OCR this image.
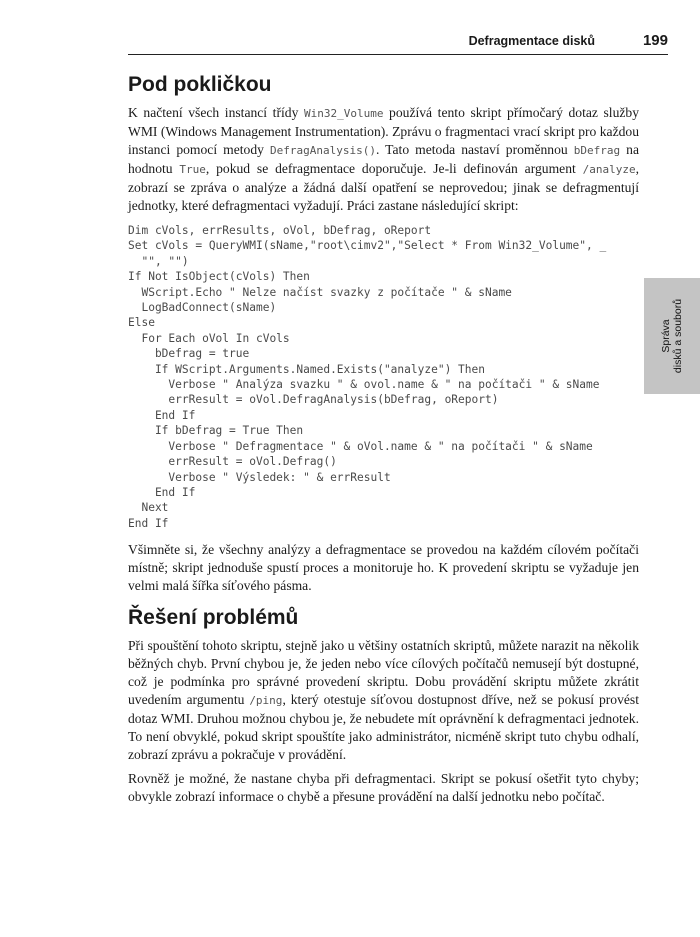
Defragmentace disků	199
Správa disků a souborů
Pod pokličkou

K načtení všech instancí třídy Win32_Volume používá tento skript přímočarý dotaz služby WMI (Windows Management Instrumentation). Zprávu o fragmentaci vrací skript pro každou instanci pomocí metody DefragAnalysis(). Tato metoda nastaví proměnnou bDefrag na hodnotu True, pokud se defragmentace doporučuje. Je-li definován argument /analyze, zobrazí se zpráva o analýze a žádná další opatření se neprovedou; jinak se defragmentují jednotky, které defragmentaci vyžadují. Práci zastane následující skript:

Dim cVols, errResults, oVol, bDefrag, oReport
Set cVols = QueryWMI(sName,"root\cimv2","Select * From Win32_Volume", _
"", "")
If Not IsObject(cVols) Then
WScript.Echo " Nelze načíst svazky z počítače " & sName
LogBadConnect(sName)
Else
For Each oVol In cVols
bDefrag = true
If WScript.Arguments.Named.Exists("analyze") Then
Verbose " Analýza svazku " & ovol.name & " na počítači " & sName
errResult = oVol.DefragAnalysis(bDefrag, oReport)
End If
If bDefrag = True Then
Verbose " Defragmentace " & oVol.name & " na počítači " & sName
errResult = oVol.Defrag()
Verbose " Výsledek: " & errResult
End If
Next
End If

Všimněte si, že všechny analýzy a defragmentace se provedou na každém cílovém počítači místně; skript jednoduše spustí proces a monitoruje ho. K provedení skriptu se vyžaduje jen velmi malá šířka síťového pásma.

Řešení problémů

Při spouštění tohoto skriptu, stejně jako u většiny ostatních skriptů, můžete narazit na několik běžných chyb. První chybou je, že jeden nebo více cílových počítačů nemusejí být dostupné, což je podmínka pro správné provedení skriptu. Dobu provádění skriptu můžete zkrátit uvedením argumentu /ping, který otestuje síťovou dostupnost dříve, než se pokusí provést dotaz WMI. Druhou možnou chybou je, že nebudete mít oprávnění k defragmentaci jednotek. To není obvyklé, pokud skript spouštíte jako administrátor, nicméně skript tuto chybu odhalí, zobrazí zprávu a pokračuje v provádění.

Rovněž je možné, že nastane chyba při defragmentaci. Skript se pokusí ošetřit tyto chyby; obvykle zobrazí informace o chybě a přesune provádění na další jednotku nebo počítač.
